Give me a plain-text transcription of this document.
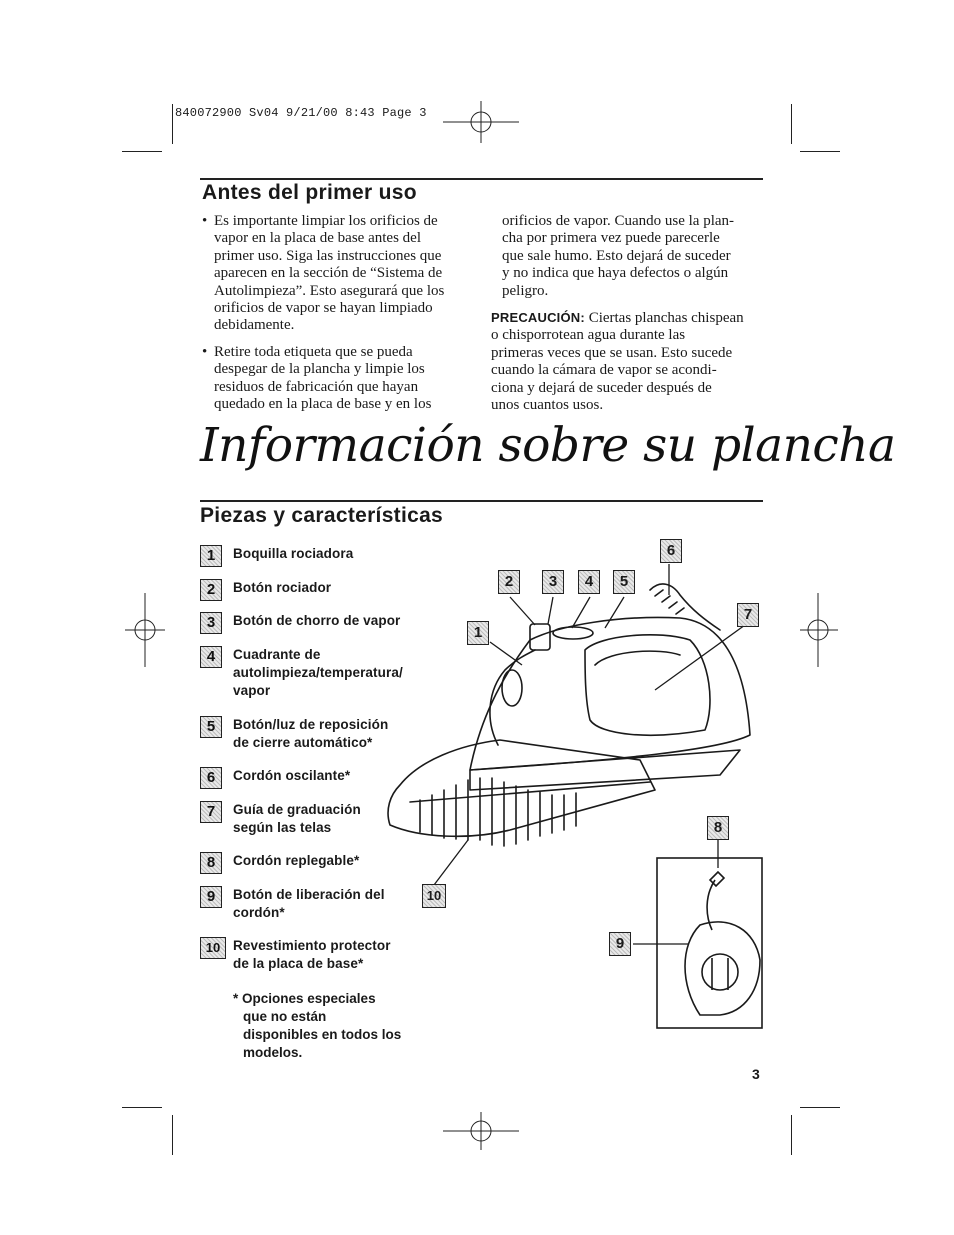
840072900 Sv04 9/21/00 8:43 Page 3
Antes del primer uso
• Es importante limpiar los orificios de
vapor en la placa de base antes del
primer uso. Siga las instrucciones que
aparecen en la sección de “Sistema de
Autolimpieza”. Esto asegurará que los
orificios de vapor se hayan limpiado
debidamente.
• Retire toda etiqueta que se pueda
despegar de la plancha y limpie los
residuos de fabricación que hayan
quedado en la placa de base y en los
orificios de vapor. Cuando use la plan-
cha por primera vez puede parecerle
que sale humo. Esto dejará de suceder
y no indica que haya defectos o algún
peligro.
PRECAUCIÓN: Ciertas planchas chispean
o chisporrotean agua durante las
primeras veces que se usan. Esto sucede
cuando la cámara de vapor se acondi-
ciona y dejará de suceder después de
unos cuantos usos.
Información sobre su plancha
Piezas y características
1	Boquilla rociadora
2	Botón rociador
3	Botón de chorro de vapor
4	Cuadrante de
autolimpieza/temperatura/
vapor
5	Botón/luz de reposición
de cierre automático*
6	Cordón oscilante*
7	Guía de graduación
según las telas
8	Cordón replegable*
9	Botón de liberación del
cordón*
10 Revestimiento protector
de la placa de base*
* Opciones especiales
que no están
disponibles en todos los
modelos.
1
2	3	4	5
6
7
8
9
10
3
